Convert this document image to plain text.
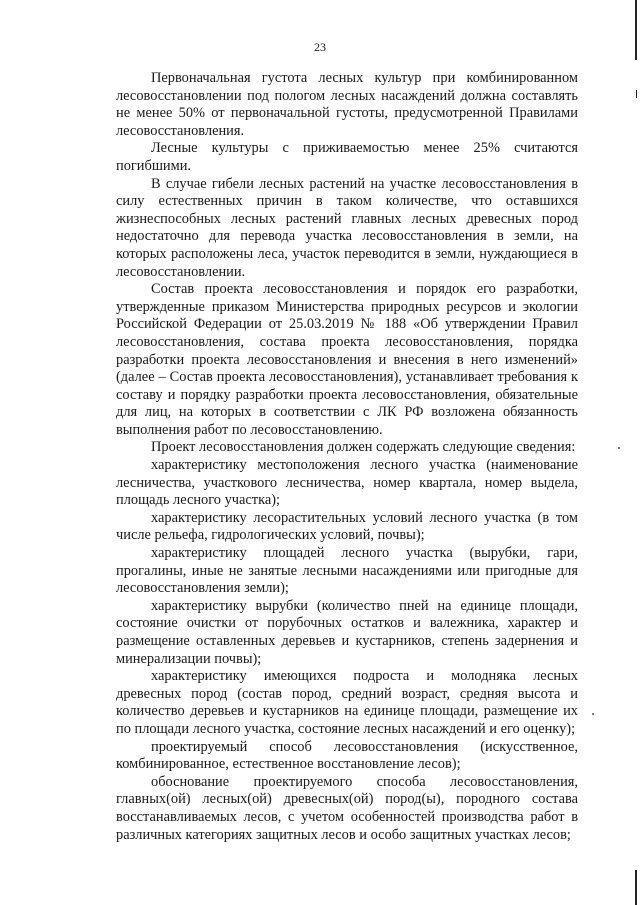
23

Первоначальная густота лесных культур при комбинированном лесовосстановлении под пологом лесных насаждений должна составлять не менее 50% от первоначальной густоты, предусмотренной Правилами лесовосстановления.

Лесные культуры с приживаемостью менее 25% считаются погибшими.

В случае гибели лесных растений на участке лесовосстановления в силу естественных причин в таком количестве, что оставшихся жизнеспособных лесных растений главных лесных древесных пород недостаточно для перевода участка лесовосстановления в земли, на которых расположены леса, участок переводится в земли, нуждающиеся в лесовосстановлении.

Состав проекта лесовосстановления и порядок его разработки, утвержденные приказом Министерства природных ресурсов и экологии Российской Федерации от 25.03.2019 № 188 «Об утверждении Правил лесовосстановления, состава проекта лесовосстановления, порядка разработки проекта лесовосстановления и внесения в него изменений» (далее – Состав проекта лесовосстановления), устанавливает требования к составу и порядку разработки проекта лесовосстановления, обязательные для лиц, на которых в соответствии с ЛК РФ возложена обязанность выполнения работ по лесовосстановлению.

Проект лесовосстановления должен содержать следующие сведения:

характеристику местоположения лесного участка (наименование лесничества, участкового лесничества, номер квартала, номер выдела, площадь лесного участка);

характеристику лесорастительных условий лесного участка (в том числе рельефа, гидрологических условий, почвы);

характеристику площадей лесного участка (вырубки, гари, прогалины, иные не занятые лесными насаждениями или пригодные для лесовосстановления земли);

характеристику вырубки (количество пней на единице площади, состояние очистки от порубочных остатков и валежника, характер и размещение оставленных деревьев и кустарников, степень задернения и минерализации почвы);

характеристику имеющихся подроста и молодняка лесных древесных пород (состав пород, средний возраст, средняя высота и количество деревьев и кустарников на единице площади, размещение их по площади лесного участка, состояние лесных насаждений и его оценку);

проектируемый способ лесовосстановления (искусственное, комбинированное, естественное восстановление лесов);

обоснование проектируемого способа лесовосстановления, главных(ой) лесных(ой) древесных(ой) пород(ы), породного состава восстанавливаемых лесов, с учетом особенностей производства работ в различных категориях защитных лесов и особо защитных участках лесов;
